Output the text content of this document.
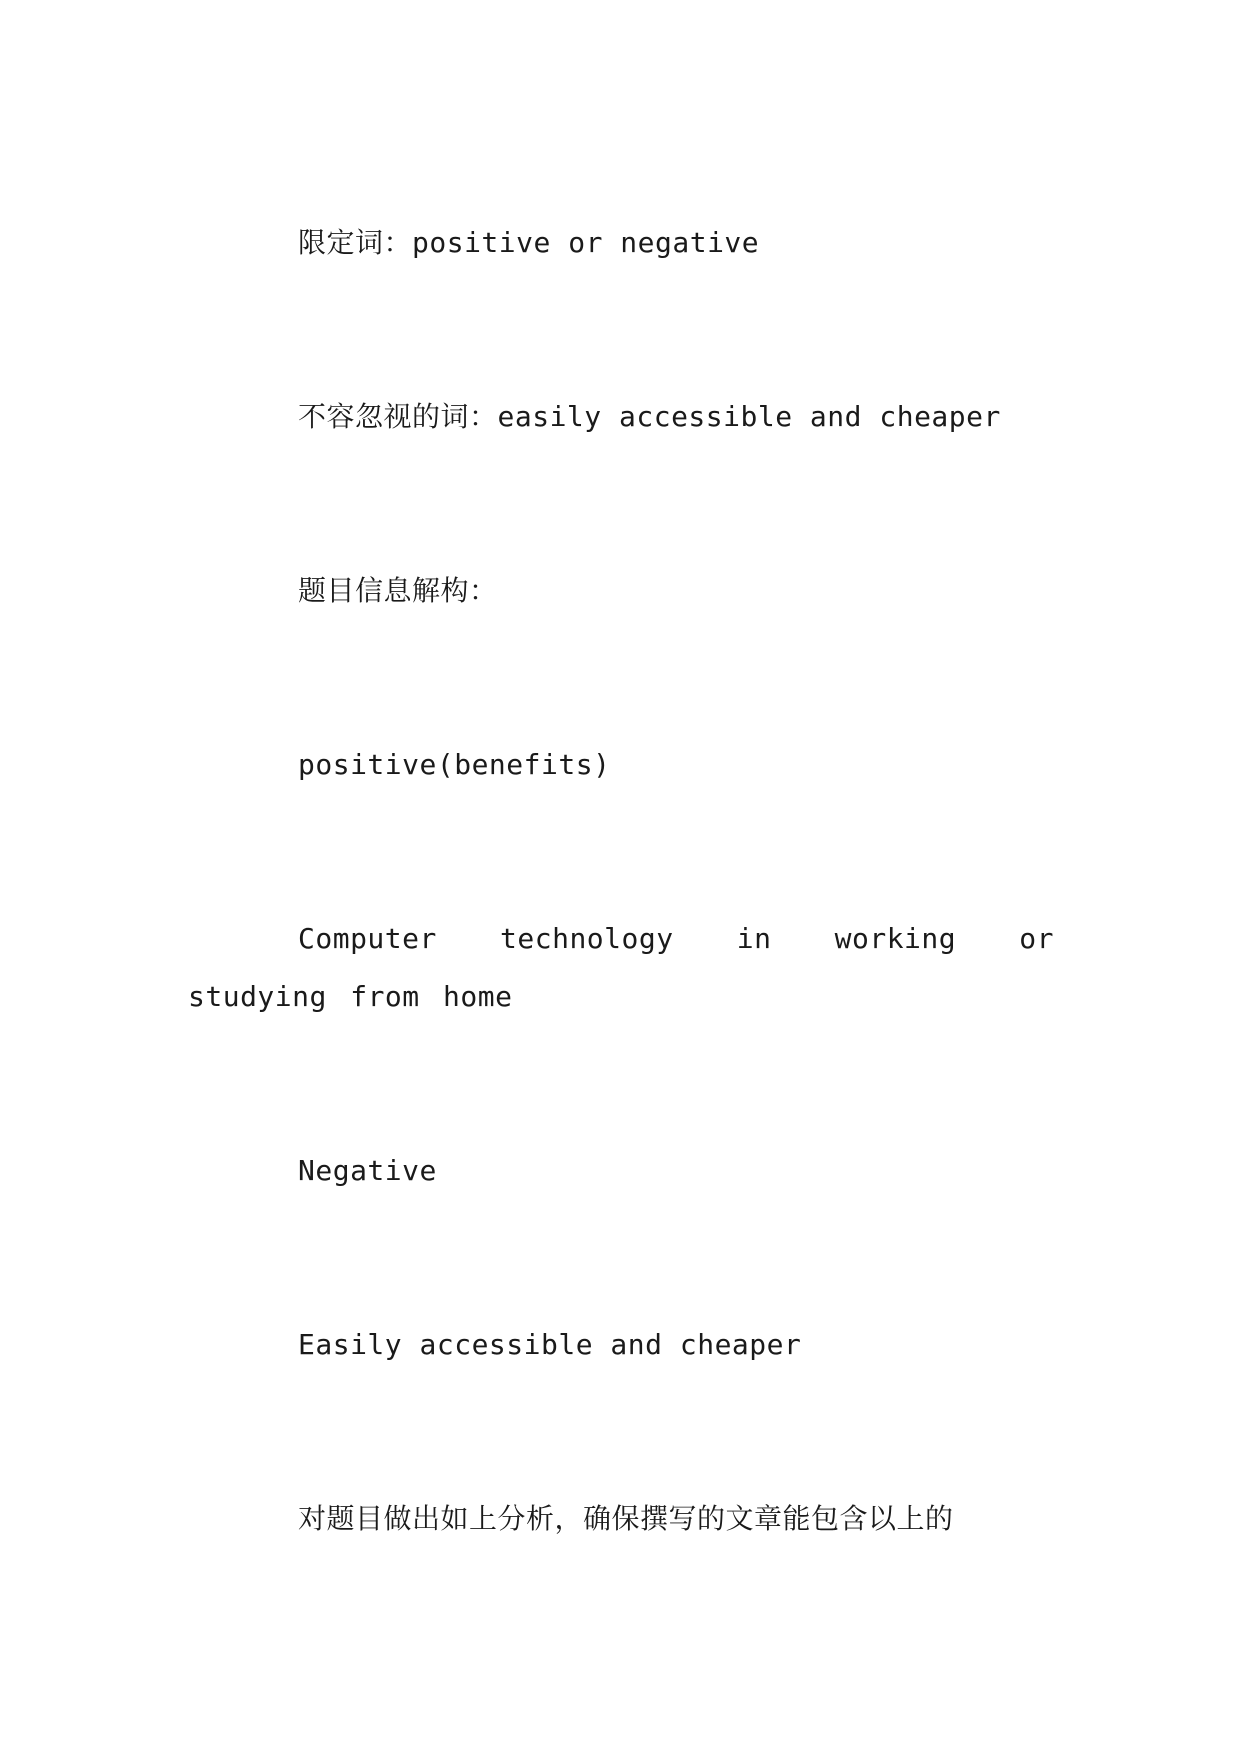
限定词：positive or negative

不容忽视的词：easily accessible and cheaper

题目信息解构：

positive(benefits)

Computer technology in working or studying from home

Negative

Easily accessible and cheaper

对题目做出如上分析，确保撰写的文章能包含以上的
